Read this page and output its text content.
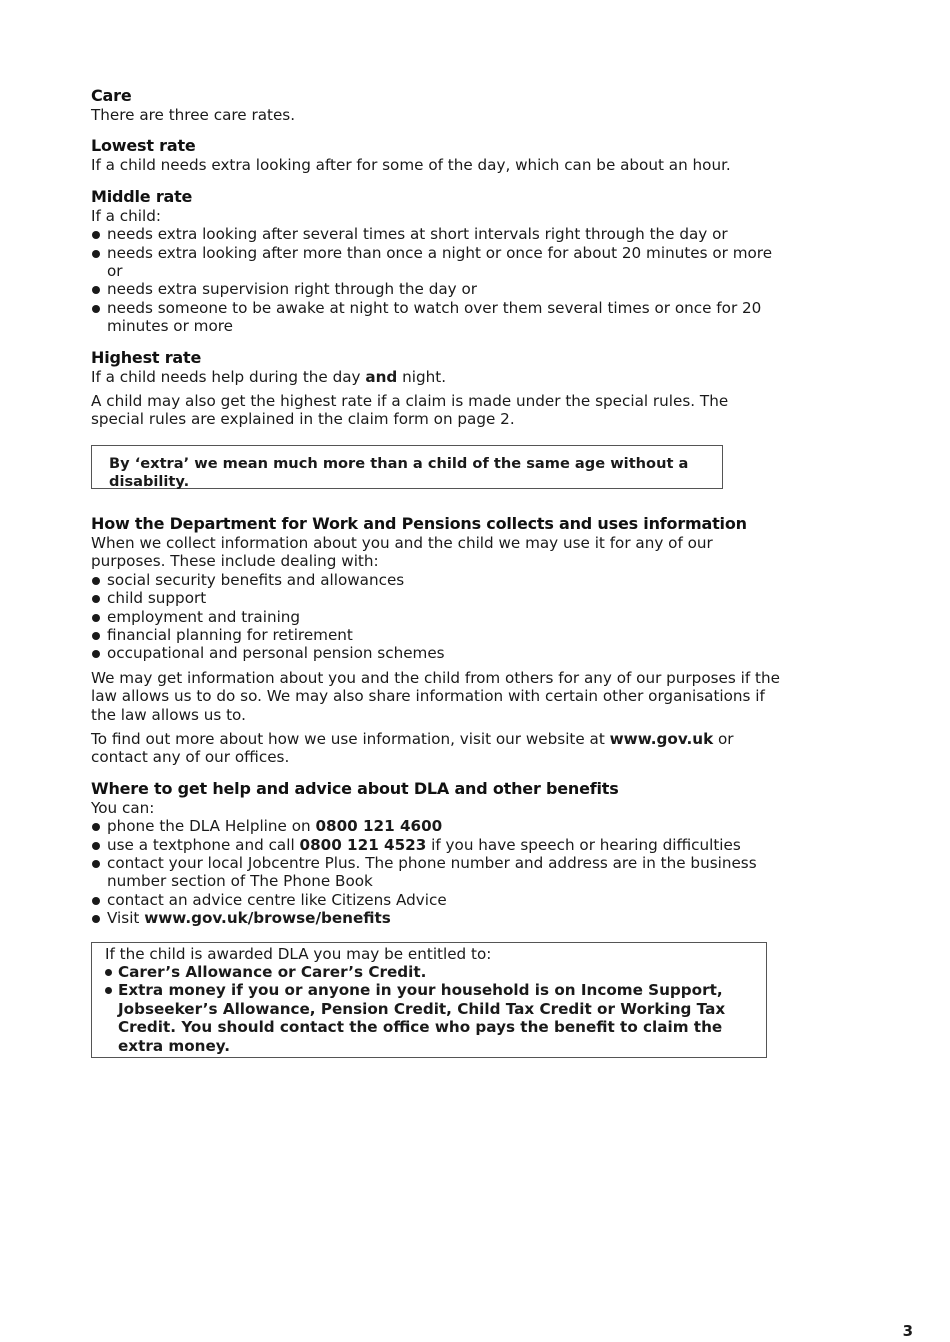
Care

There are three care rates.

Lowest rate

If a child needs extra looking after for some of the day, which can be about an hour.

Middle rate

If a child:

needs extra looking after several times at short intervals right through the day or
needs extra looking after more than once a night or once for about 20 minutes or more or
needs extra supervision right through the day or
needs someone to be awake at night to watch over them several times or once for 20 minutes or more
Highest rate

If a child needs help during the day and night.

A child may also get the highest rate if a claim is made under the special rules. The special rules are explained in the claim form on page 2.

By ‘extra’ we mean much more than a child of the same age without a disability.
How the Department for Work and Pensions collects and uses information

When we collect information about you and the child we may use it for any of our purposes. These include dealing with:

social security benefits and allowances
child support
employment and training
financial planning for retirement
occupational and personal pension schemes

We may get information about you and the child from others for any of our purposes if the law allows us to do so. We may also share information with certain other organisations if the law allows us to.

To find out more about how we use information, visit our website at www.gov.uk or contact any of our offices.

Where to get help and advice about DLA and other benefits

You can:

phone the DLA Helpline on 0800 121 4600
use a textphone and call 0800 121 4523 if you have speech or hearing difficulties
contact your local Jobcentre Plus. The phone number and address are in the business number section of The Phone Book
contact an advice centre like Citizens Advice
Visit www.gov.uk/browse/benefits

If the child is awarded DLA you may be entitled to:

Carer’s Allowance or Carer’s Credit.
Extra money if you or anyone in your household is on Income Support, Jobseeker’s Allowance, Pension Credit, Child Tax Credit or Working Tax Credit. You should contact the office who pays the benefit to claim the extra money.
3
